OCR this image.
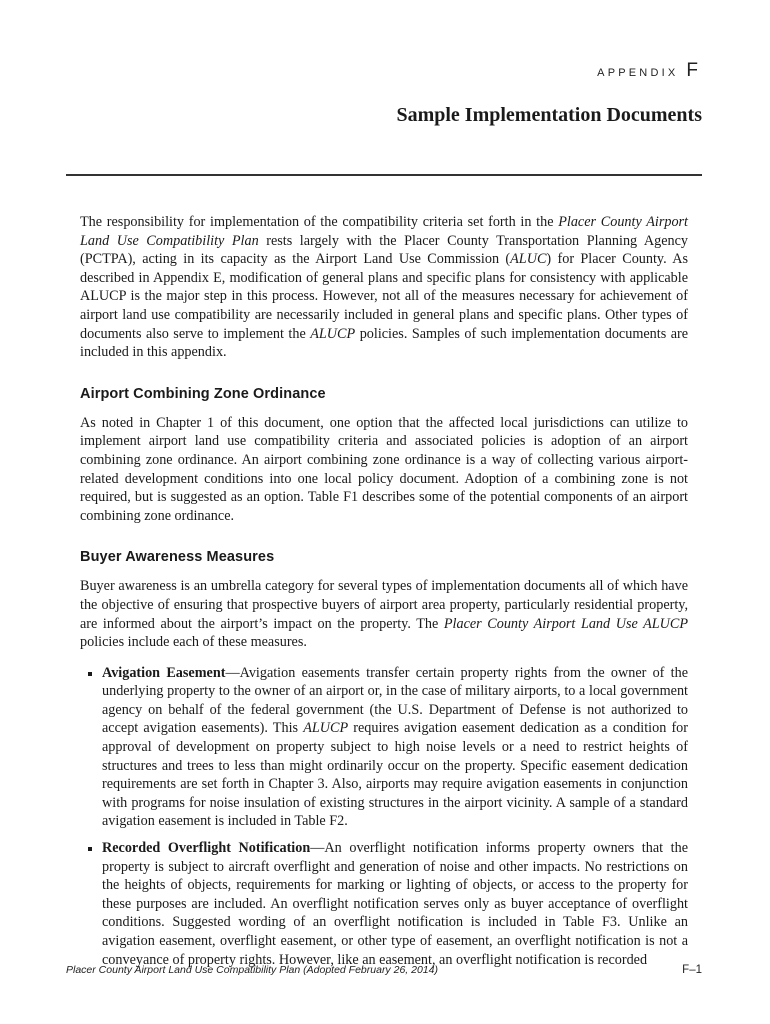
APPENDIX F
Sample Implementation Documents

The responsibility for implementation of the compatibility criteria set forth in the Placer County Airport Land Use Compatibility Plan rests largely with the Placer County Transportation Planning Agency (PCTPA), acting in its capacity as the Airport Land Use Commission (ALUC) for Placer County. As described in Appendix E, modification of general plans and specific plans for consistency with applicable ALUCP is the major step in this process. However, not all of the measures necessary for achievement of airport land use compatibility are necessarily included in general plans and specific plans. Other types of documents also serve to implement the ALUCP policies. Samples of such implementation documents are included in this appendix.

Airport Combining Zone Ordinance

As noted in Chapter 1 of this document, one option that the affected local jurisdictions can utilize to implement airport land use compatibility criteria and associated policies is adoption of an airport combining zone ordinance. An airport combining zone ordinance is a way of collecting various airport-related development conditions into one local policy document. Adoption of a combining zone is not required, but is suggested as an option. Table F1 describes some of the potential components of an airport combining zone ordinance.

Buyer Awareness Measures

Buyer awareness is an umbrella category for several types of implementation documents all of which have the objective of ensuring that prospective buyers of airport area property, particularly residential property, are informed about the airport’s impact on the property. The Placer County Airport Land Use ALUCP policies include each of these measures.

Avigation Easement—Avigation easements transfer certain property rights from the owner of the underlying property to the owner of an airport or, in the case of military airports, to a local government agency on behalf of the federal government (the U.S. Department of Defense is not authorized to accept avigation easements). This ALUCP requires avigation easement dedication as a condition for approval of development on property subject to high noise levels or a need to restrict heights of structures and trees to less than might ordinarily occur on the property. Specific easement dedication requirements are set forth in Chapter 3. Also, airports may require avigation easements in conjunction with programs for noise insulation of existing structures in the airport vicinity. A sample of a standard avigation easement is included in Table F2.
Recorded Overflight Notification—An overflight notification informs property owners that the property is subject to aircraft overflight and generation of noise and other impacts. No restrictions on the heights of objects, requirements for marking or lighting of objects, or access to the property for these purposes are included. An overflight notification serves only as buyer acceptance of overflight conditions. Suggested wording of an overflight notification is included in Table F3. Unlike an avigation easement, overflight easement, or other type of easement, an overflight notification is not a conveyance of property rights. However, like an easement, an overflight notification is recorded
Placer County Airport Land Use Compatibility Plan (Adopted February 26, 2014)	F–1
